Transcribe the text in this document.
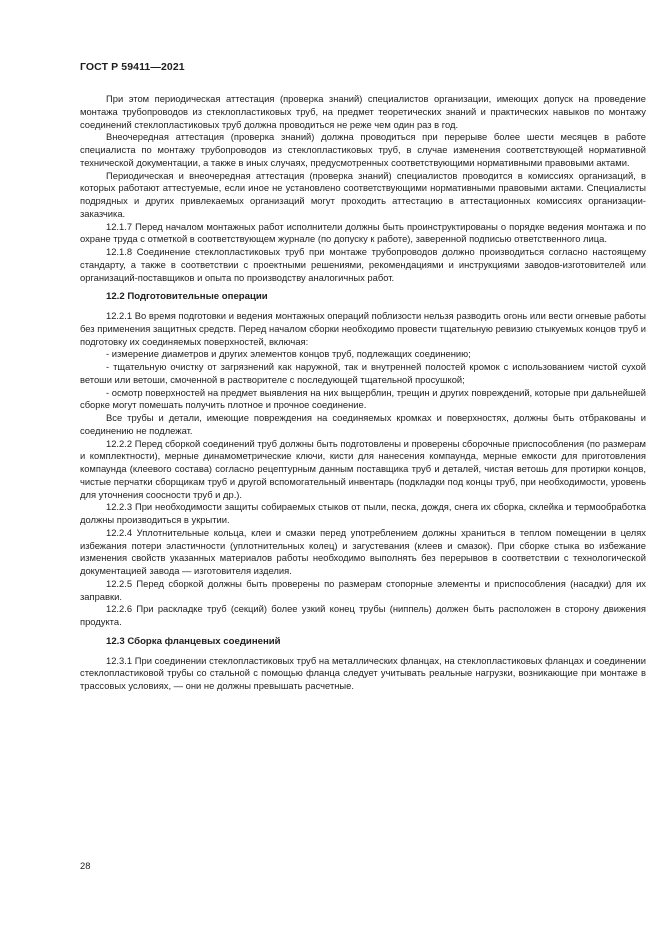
ГОСТ Р 59411—2021

При этом периодическая аттестация (проверка знаний) специалистов организации, имеющих допуск на проведение монтажа трубопроводов из стеклопластиковых труб, на предмет теоретических знаний и практических навыков по монтажу соединений стеклопластиковых труб должна проводиться не реже чем один раз в год.

Внеочередная аттестация (проверка знаний) должна проводиться при перерыве более шести месяцев в работе специалиста по монтажу трубопроводов из стеклопластиковых труб, в случае изменения соответствующей нормативной технической документации, а также в иных случаях, предусмотренных соответствующими нормативными правовыми актами.

Периодическая и внеочередная аттестация (проверка знаний) специалистов проводится в комиссиях организаций, в которых работают аттестуемые, если иное не установлено соответствующими нормативными правовыми актами. Специалисты подрядных и других привлекаемых организаций могут проходить аттестацию в аттестационных комиссиях организации-заказчика.

12.1.7 Перед началом монтажных работ исполнители должны быть проинструктированы о порядке ведения монтажа и по охране труда с отметкой в соответствующем журнале (по допуску к работе), заверенной подписью ответственного лица.

12.1.8 Соединение стеклопластиковых труб при монтаже трубопроводов должно производиться согласно настоящему стандарту, а также в соответствии с проектными решениями, рекомендациями и инструкциями заводов-изготовителей или организаций-поставщиков и опыта по производству аналогичных работ.

12.2 Подготовительные операции

12.2.1 Во время подготовки и ведения монтажных операций поблизости нельзя разводить огонь или вести огневые работы без применения защитных средств. Перед началом сборки необходимо провести тщательную ревизию стыкуемых концов труб и подготовку их соединяемых поверхностей, включая:

- измерение диаметров и других элементов концов труб, подлежащих соединению;

- тщательную очистку от загрязнений как наружной, так и внутренней полостей кромок с использованием чистой сухой ветоши или ветоши, смоченной в растворителе с последующей тщательной просушкой;

- осмотр поверхностей на предмет выявления на них выщерблин, трещин и других повреждений, которые при дальнейшей сборке могут помешать получить плотное и прочное соединение.

Все трубы и детали, имеющие повреждения на соединяемых кромках и поверхностях, должны быть отбракованы и соединению не подлежат.

12.2.2 Перед сборкой соединений труб должны быть подготовлены и проверены сборочные приспособления (по размерам и комплектности), мерные динамометрические ключи, кисти для нанесения компаунда, мерные емкости для приготовления компаунда (клеевого состава) согласно рецептурным данным поставщика труб и деталей, чистая ветошь для протирки концов, чистые перчатки сборщикам труб и другой вспомогательный инвентарь (подкладки под концы труб, при необходимости, уровень для уточнения соосности труб и др.).

12.2.3 При необходимости защиты собираемых стыков от пыли, песка, дождя, снега их сборка, склейка и термообработка должны производиться в укрытии.

12.2.4 Уплотнительные кольца, клеи и смазки перед употреблением должны храниться в теплом помещении в целях избежания потери эластичности (уплотнительных колец) и загустевания (клеев и смазок). При сборке стыка во избежание изменения свойств указанных материалов работы необходимо выполнять без перерывов в соответствии с технологической документацией завода — изготовителя изделия.

12.2.5 Перед сборкой должны быть проверены по размерам стопорные элементы и приспособления (насадки) для их заправки.

12.2.6 При раскладке труб (секций) более узкий конец трубы (ниппель) должен быть расположен в сторону движения продукта.

12.3 Сборка фланцевых соединений

12.3.1 При соединении стеклопластиковых труб на металлических фланцах, на стеклопластиковых фланцах и соединении стеклопластиковой трубы со стальной с помощью фланца следует учитывать реальные нагрузки, возникающие при монтаже в трассовых условиях, — они не должны превышать расчетные.

28
